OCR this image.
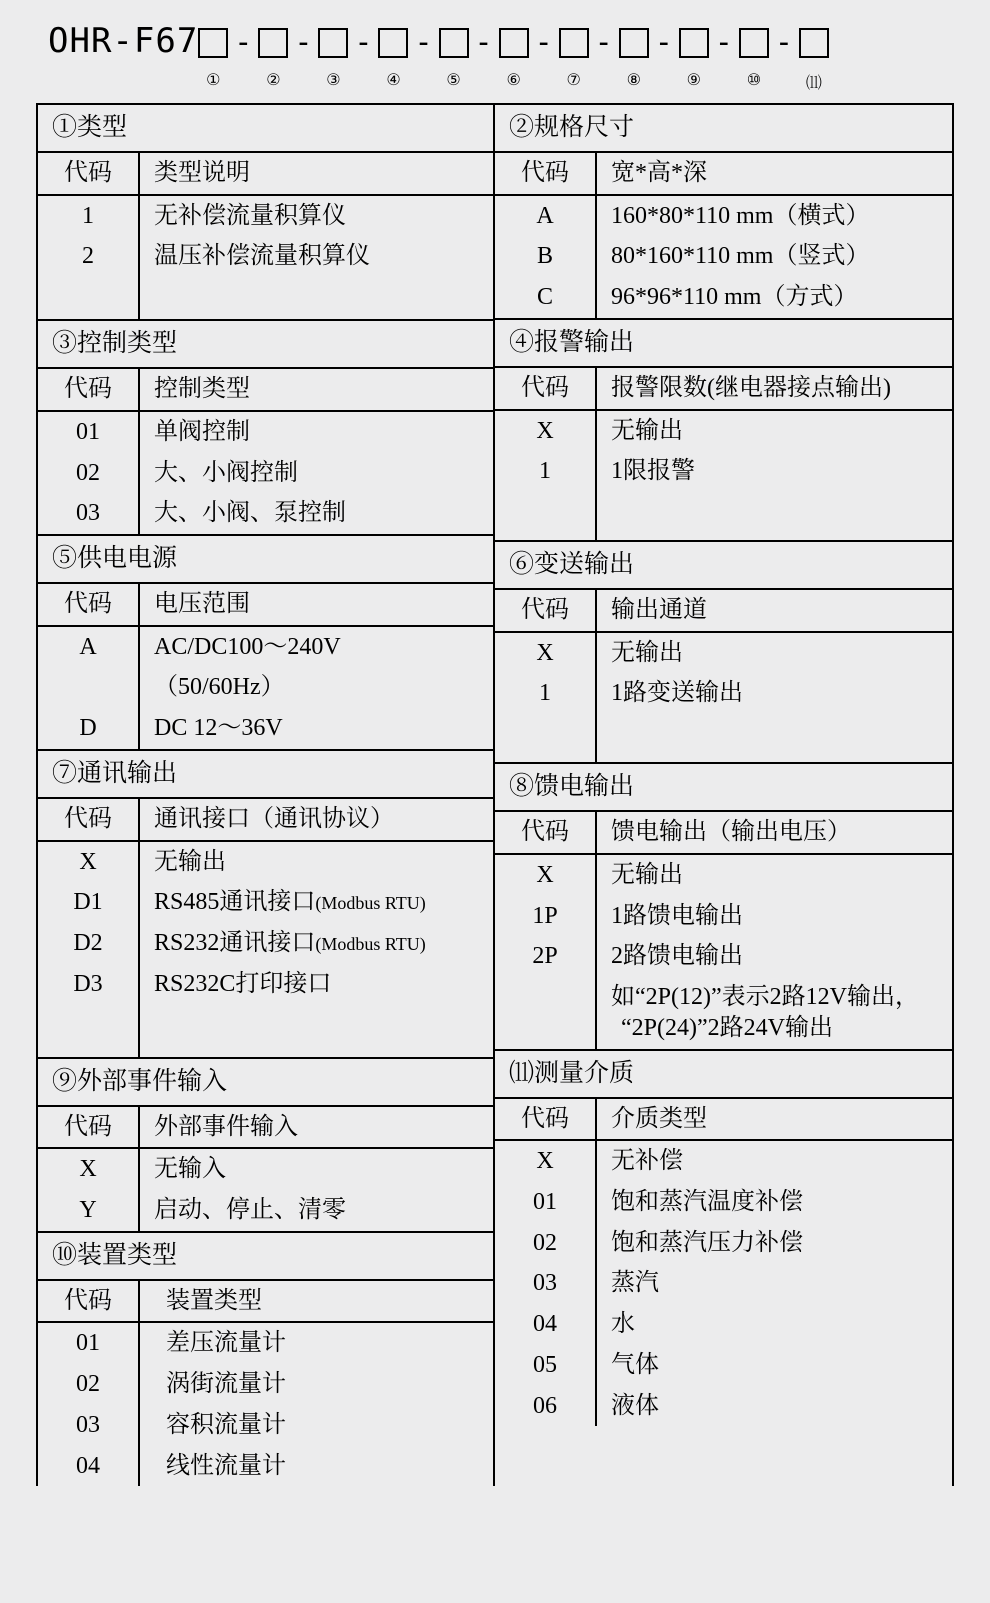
OHR-F67
①
-
②
-
③
-
④
-
⑤
-
⑥
-
⑦
-
⑧
-
⑨
-
⑩
-
⑾
①类型
代码	类型说明
1	无补偿流量积算仪
2	温压补偿流量积算仪

③控制类型
代码	控制类型
01	单阀控制
02	大、小阀控制
03	大、小阀、泵控制
⑤供电电源
代码	电压范围
A	AC/DC100～240V
	（50/60Hz）
D	DC 12～36V
⑦通讯输出
代码	通讯接口（通讯协议）
X	无输出
D1	RS485通讯接口(Modbus RTU)
D2	RS232通讯接口(Modbus RTU)
D3	RS232C打印接口

⑨外部事件输入
代码	外部事件输入
X	无输入
Y	启动、停止、清零
⑩装置类型
代码	装置类型
01	差压流量计
02	涡街流量计
03	容积流量计
04	线性流量计
②规格尺寸
代码	宽*高*深
A	160*80*110 mm（横式）
B	80*160*110 mm（竖式）
C	96*96*110 mm（方式）
④报警输出
代码	报警限数(继电器接点输出)
X	无输出
1	1限报警

⑥变送输出
代码	输出通道
X	无输出
1	1路变送输出

⑧馈电输出
代码	馈电输出（输出电压）
X	无输出
1P	1路馈电输出
2P	2路馈电输出

	如“2P(12)”表示2路12V输出，
“2P(24)”2路24V输出
⑾测量介质
代码	介质类型
X	无补偿
01	饱和蒸汽温度补偿
02	饱和蒸汽压力补偿
03	蒸汽
04	水
05	气体
06	液体
